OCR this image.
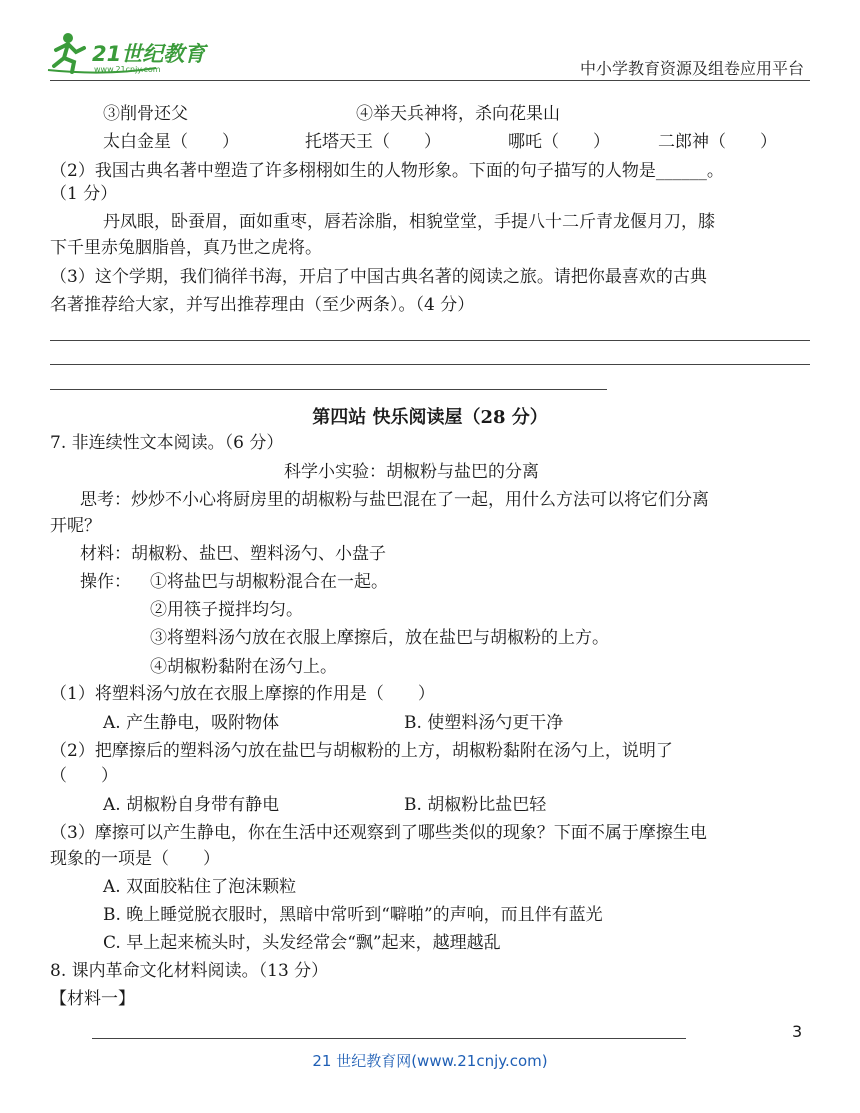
21世纪教育
www.21cnjy.com	中小学教育资源及组卷应用平台
③削骨还父	④举天兵神将，杀向花果山
太白金星（　　）	托塔天王（　　）	哪吒（　　）	二郎神（　　）
（2）我国古典名著中塑造了许多栩栩如生的人物形象。下面的句子描写的人物是______。
（1 分）
丹凤眼，卧蚕眉，面如重枣，唇若涂脂，相貌堂堂，手提八十二斤青龙偃月刀，膝
下千里赤兔胭脂兽，真乃世之虎将。
（3）这个学期，我们徜徉书海，开启了中国古典名著的阅读之旅。请把你最喜欢的古典
名著推荐给大家，并写出推荐理由（至少两条）。（4 分）
第四站 快乐阅读屋（28 分）
7. 非连续性文本阅读。（6 分）
科学小实验：胡椒粉与盐巴的分离
思考：炒炒不小心将厨房里的胡椒粉与盐巴混在了一起，用什么方法可以将它们分离
开呢？
材料：胡椒粉、盐巴、塑料汤勺、小盘子
操作： ①将盐巴与胡椒粉混合在一起。
②用筷子搅拌均匀。
③将塑料汤勺放在衣服上摩擦后，放在盐巴与胡椒粉的上方。
④胡椒粉黏附在汤勺上。
（1）将塑料汤勺放在衣服上摩擦的作用是（　　）
A. 产生静电，吸附物体	B. 使塑料汤勺更干净
（2）把摩擦后的塑料汤勺放在盐巴与胡椒粉的上方，胡椒粉黏附在汤勺上，说明了
（　　）
A. 胡椒粉自身带有静电	B. 胡椒粉比盐巴轻
（3）摩擦可以产生静电，你在生活中还观察到了哪些类似的现象？下面不属于摩擦生电
现象的一项是（　　）
A. 双面胶粘住了泡沫颗粒
B. 晚上睡觉脱衣服时，黑暗中常听到“噼啪”的声响，而且伴有蓝光
C. 早上起来梳头时，头发经常会“飘”起来，越理越乱
8. 课内革命文化材料阅读。（13 分）
【材料一】
3
21 世纪教育网(www.21cnjy.com)
